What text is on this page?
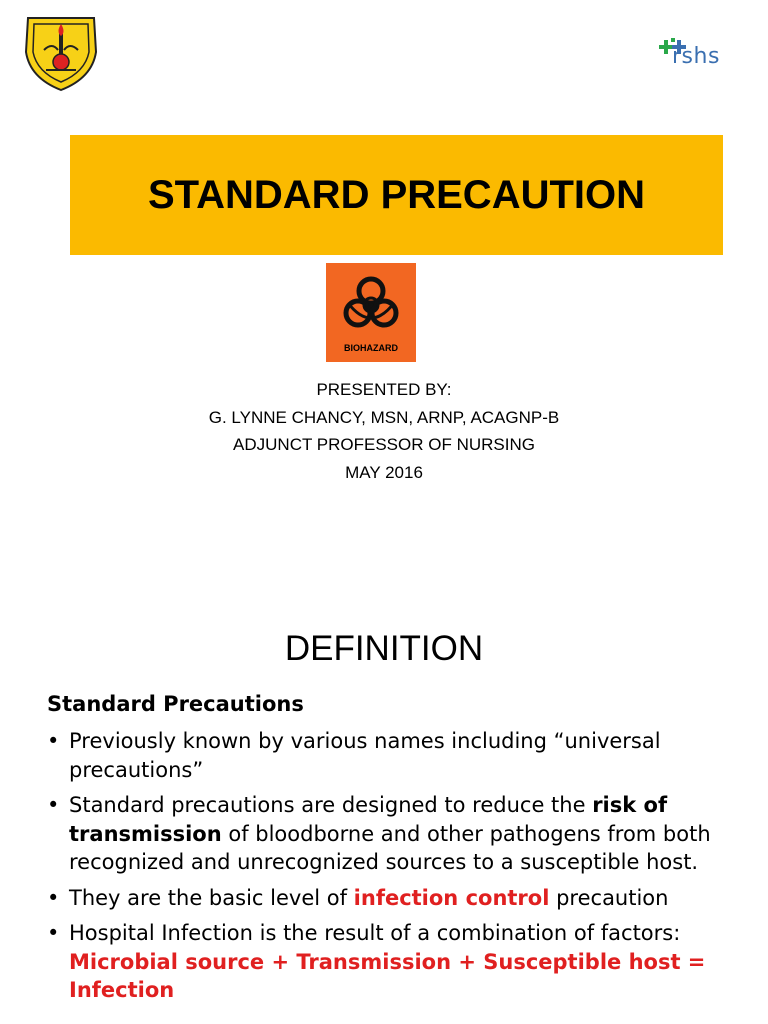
rshs
STANDARD PRECAUTION
BIOHAZARD
PRESENTED BY:
G. LYNNE CHANCY, MSN, ARNP, ACAGNP-B
ADJUNCT PROFESSOR OF NURSING
MAY 2016
DEFINITION
Standard Precautions
• Previously known by various names including “universal precautions”
• Standard precautions are designed to reduce the risk of transmission of bloodborne and other pathogens from both recognized and unrecognized sources to a susceptible host.
• They are the basic level of infection control precaution
• Hospital Infection is the result of a combination of factors: Microbial source + Transmission + Susceptible host = Infection
